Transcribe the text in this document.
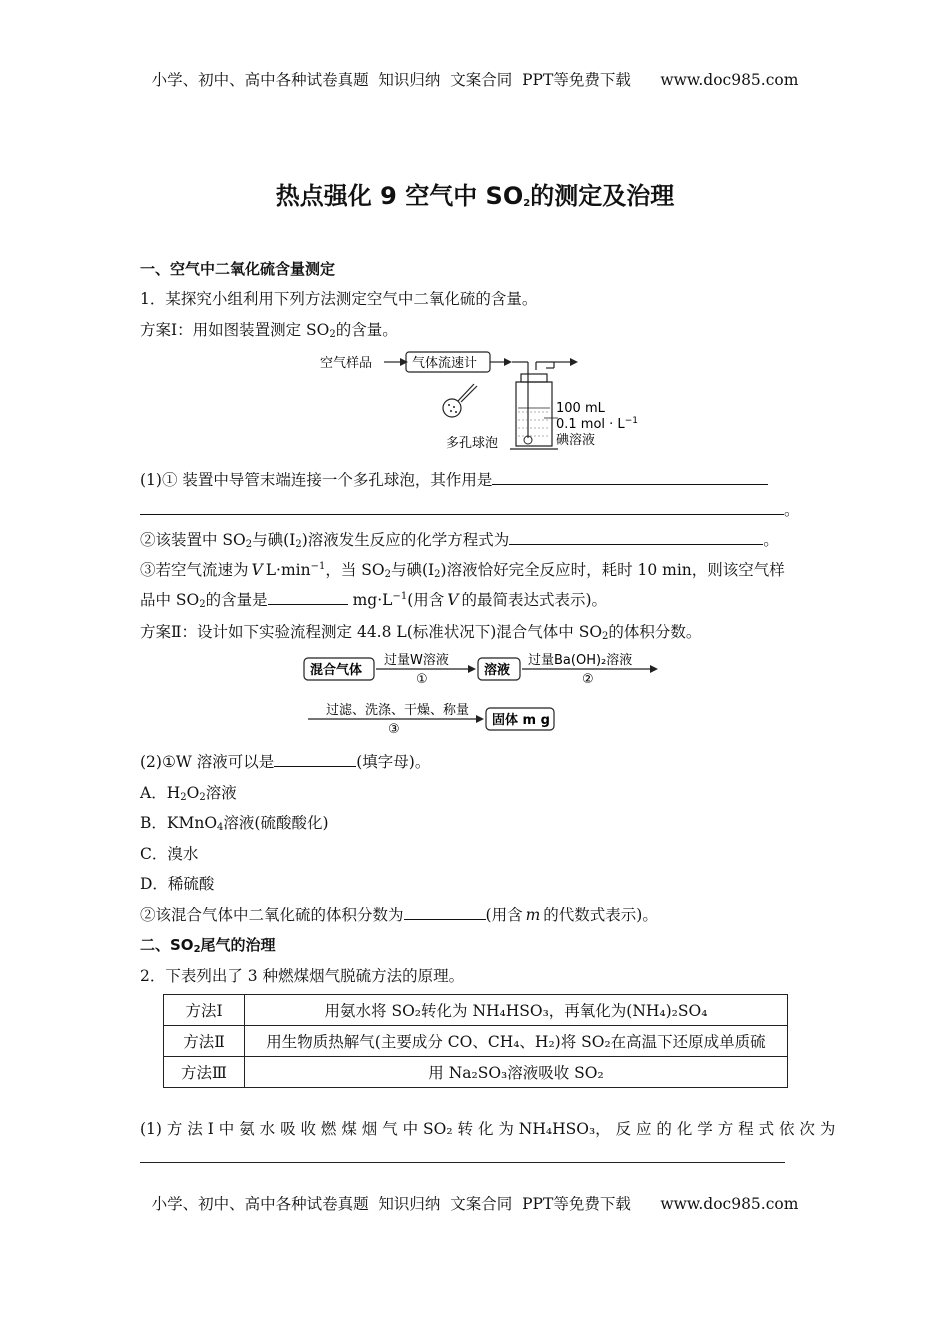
小学、初中、高中各种试卷真题  知识归纳  文案合同  PPT等免费下载      www.doc985.com
热点强化 9 空气中 $SO_2$的测定及治理
一、空气中二氧化硫含量测定
1．某探究小组利用下列方法测定空气中二氧化硫的含量。
方案Ⅰ：用如图装置测定 $SO_2$的含量。
空气样品	气体流速计
多孔球泡
100 mL
0.1 mol · $L^{-1}$
碘溶液
(1)① 装置中导管末端连接一个多孔球泡，其作用是
。
②该装置中 $SO_2$与碘$(I_2)$溶液发生反应的化学方程式为	。
③若空气流速为 V $L\cdot\min^{-1}$，当 $SO_2$与碘$(I_2)$溶液恰好完全反应时，耗时 10 min，则该空气样
品中 $SO_2$的含量是	$mg\cdot L^{-1}$(用含 V 的最简表达式表示)。
方案Ⅱ：设计如下实验流程测定 44.8 L(标准状况下)混合气体中 $SO_2$的体积分数。
混合气体
过量W溶液
①
溶液
过量Ba(OH)₂溶液
②
过滤、洗涤、干燥、称量
③
固体 m g
(2)①W 溶液可以是	(填字母)。
A．$H_2O_2$溶液
B．KMnO$_4$溶液(硫酸酸化)
C．溴水
D．稀硫酸
②该混合气体中二氧化硫的体积分数为	(用含 m 的代数式表示)。
二、$SO_2$尾气的治理
2．下表列出了 3 种燃煤烟气脱硫方法的原理。
方法Ⅰ	用氨水将 SO₂转化为 NH₄HSO₃，再氧化为(NH₄)₂SO₄
方法Ⅱ	用生物质热解气(主要成分 CO、CH₄、H₂)将 SO₂在高温下还原成单质硫
方法Ⅲ	用 Na₂SO₃溶液吸收 SO₂
(1) 方 法 Ⅰ 中 氨 水 吸 收 燃 煤 烟 气 中 SO₂ 转 化 为 NH₄HSO₃， 反 应 的 化 学 方 程 式 依 次 为
小学、初中、高中各种试卷真题  知识归纳  文案合同  PPT等免费下载      www.doc985.com
